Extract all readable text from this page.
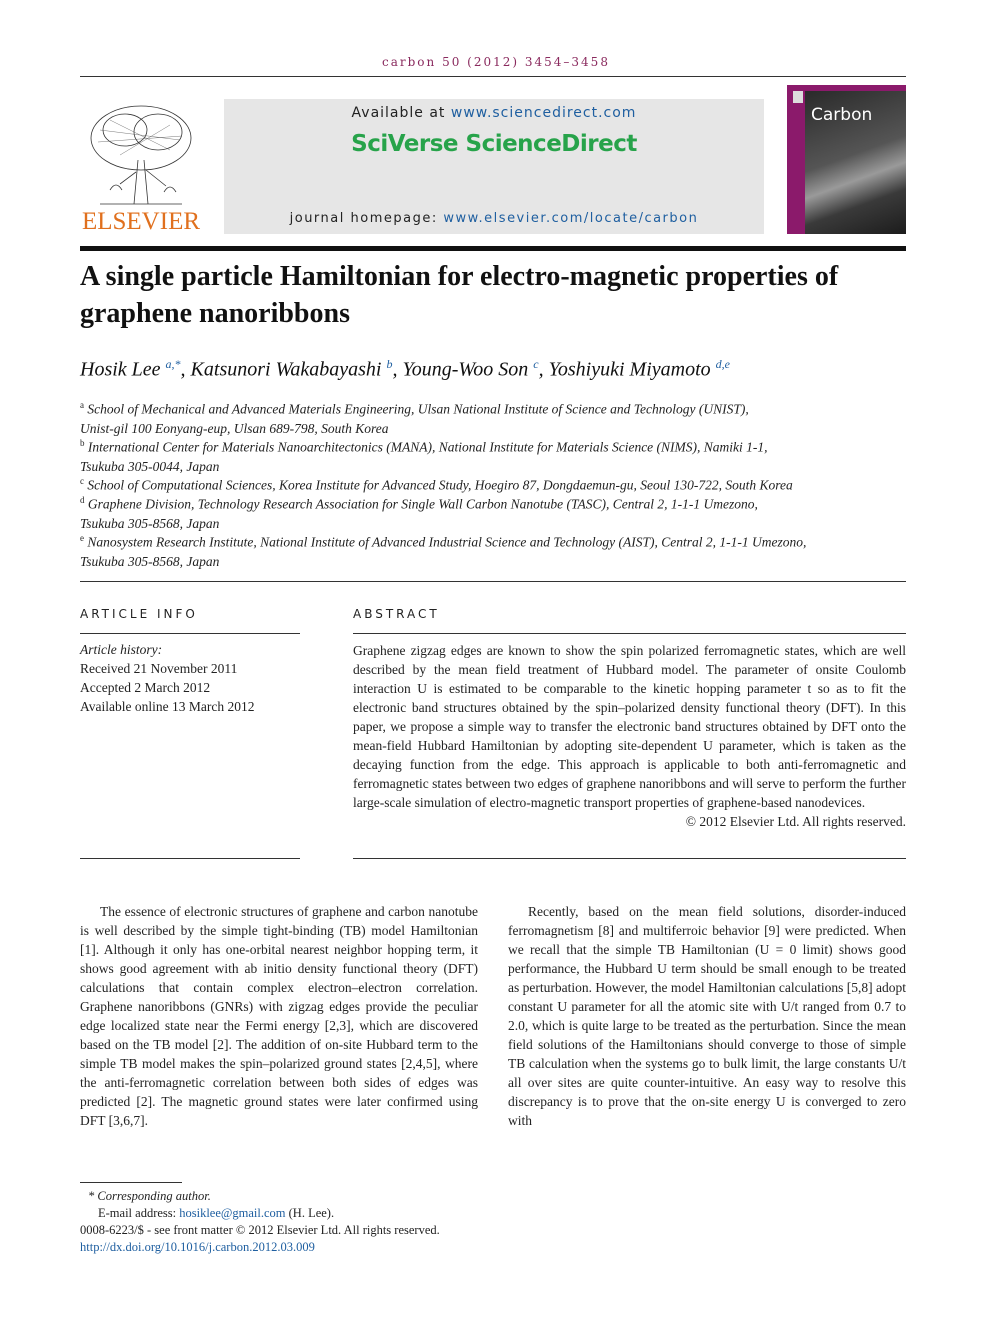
carbon 50 (2012) 3454–3458
ELSEVIER
Available at www.sciencedirect.com
SciVerse ScienceDirect
journal homepage: www.elsevier.com/locate/carbon
Carbon
A single particle Hamiltonian for electro-magnetic properties of graphene nanoribbons
Hosik Lee $^{a,*}$, Katsunori Wakabayashi $^b$, Young-Woo Son $^c$, Yoshiyuki Miyamoto $^{d,e}$
$^a$ School of Mechanical and Advanced Materials Engineering, Ulsan National Institute of Science and Technology (UNIST),
Unist-gil 100 Eonyang-eup, Ulsan 689-798, South Korea
$^b$ International Center for Materials Nanoarchitectonics (MANA), National Institute for Materials Science (NIMS), Namiki 1-1,
Tsukuba 305-0044, Japan
$^c$ School of Computational Sciences, Korea Institute for Advanced Study, Hoegiro 87, Dongdaemun-gu, Seoul 130-722, South Korea
$^d$ Graphene Division, Technology Research Association for Single Wall Carbon Nanotube (TASC), Central 2, 1-1-1 Umezono,
Tsukuba 305-8568, Japan
$^e$ Nanosystem Research Institute, National Institute of Advanced Industrial Science and Technology (AIST), Central 2, 1-1-1 Umezono,
Tsukuba 305-8568, Japan
ARTICLE INFO
Article history:
Received 21 November 2011
Accepted 2 March 2012
Available online 13 March 2012
ABSTRACT
Graphene zigzag edges are known to show the spin polarized ferromagnetic states, which are well described by the mean field treatment of Hubbard model. The parameter of onsite Coulomb interaction U is estimated to be comparable to the kinetic hopping parameter t so as to fit the electronic band structures obtained by the spin–polarized density functional theory (DFT). In this paper, we propose a simple way to transfer the electronic band structures obtained by DFT onto the mean-field Hubbard Hamiltonian by adopting site-dependent U parameter, which is taken as the decaying function from the edge. This approach is applicable to both anti-ferromagnetic and ferromagnetic states between two edges of graphene nanoribbons and will serve to perform the further large-scale simulation of electro-magnetic transport properties of graphene-based nanodevices.
© 2012 Elsevier Ltd. All rights reserved.

The essence of electronic structures of graphene and carbon nanotube is well described by the simple tight-binding (TB) model Hamiltonian [1]. Although it only has one-orbital nearest neighbor hopping term, it shows good agreement with ab initio density functional theory (DFT) calculations that contain complex electron–electron correlation. Graphene nanoribbons (GNRs) with zigzag edges provide the peculiar edge localized state near the Fermi energy [2,3], which are discovered based on the TB model [2]. The addition of on-site Hubbard term to the simple TB model makes the spin–polarized ground states [2,4,5], where the anti-ferromagnetic correlation between both sides of edges was predicted [2]. The magnetic ground states were later confirmed using DFT [3,6,7].

Recently, based on the mean field solutions, disorder-induced ferromagnetism [8] and multiferroic behavior [9] were predicted. When we recall that the simple TB Hamiltonian (U = 0 limit) shows good performance, the Hubbard U term should be small enough to be treated as perturbation. However, the model Hamiltonian calculations [5,8] adopt constant U parameter for all the atomic site with U/t ranged from 0.7 to 2.0, which is quite large to be treated as the perturbation. Since the mean field solutions of the Hamiltonians should converge to those of simple TB calculation when the systems go to bulk limit, the large constants U/t all over sites are quite counter-intuitive. An easy way to resolve this discrepancy is to prove that the on-site energy U is converged to zero with

* Corresponding author.
E-mail address: hosiklee@gmail.com (H. Lee).
0008-6223/$ - see front matter © 2012 Elsevier Ltd. All rights reserved.
http://dx.doi.org/10.1016/j.carbon.2012.03.009
